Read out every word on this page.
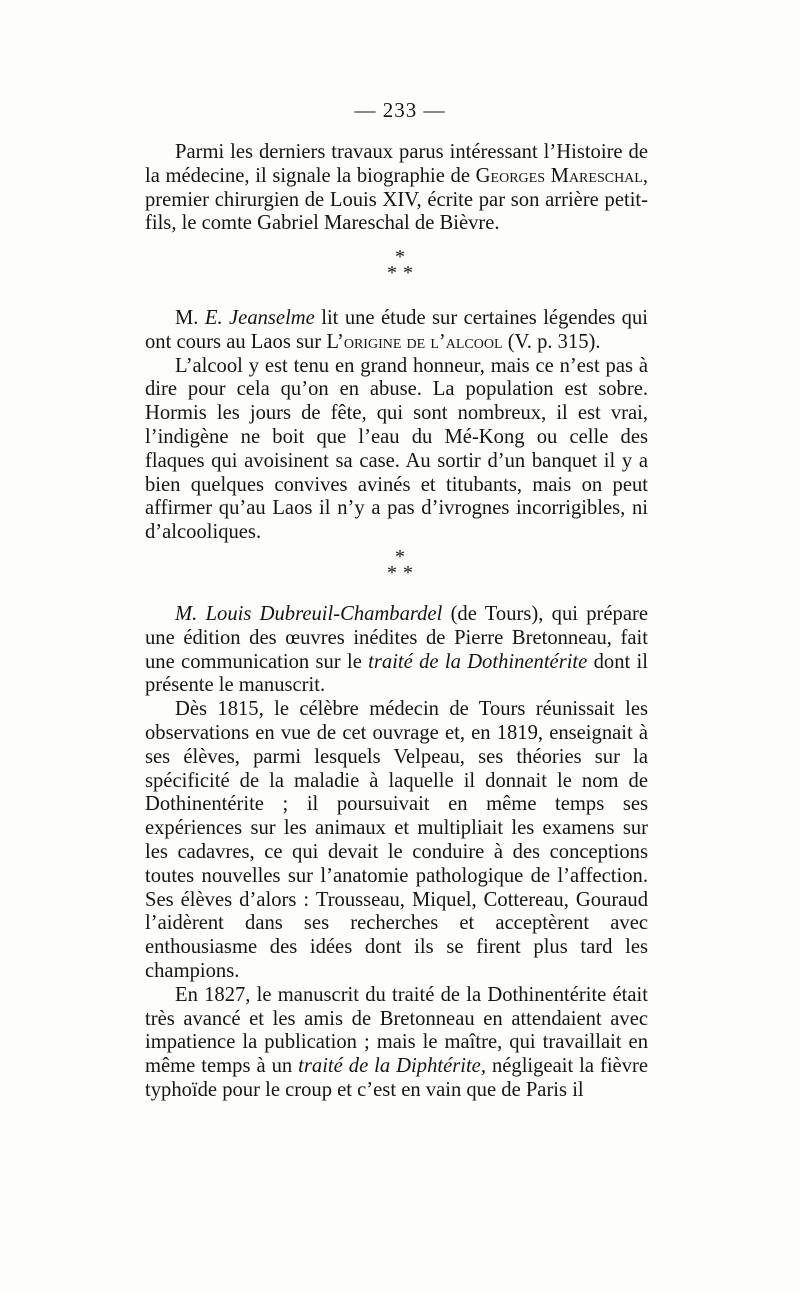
— 233 —

Parmi les derniers travaux parus intéressant l’Histoire de la médecine, il signale la biographie de Georges Mareschal, premier chirurgien de Louis XIV, écrite par son arrière petit-fils, le comte Gabriel Mareschal de Bièvre.

*
**

M. E. Jeanselme lit une étude sur certaines légendes qui ont cours au Laos sur L’origine de l’alcool (V. p. 315).

L’alcool y est tenu en grand honneur, mais ce n’est pas à dire pour cela qu’on en abuse. La population est sobre. Hormis les jours de fête, qui sont nombreux, il est vrai, l’indigène ne boit que l’eau du Mé-Kong ou celle des flaques qui avoisinent sa case. Au sortir d’un banquet il y a bien quelques convives avinés et titubants, mais on peut affirmer qu’au Laos il n’y a pas d’ivrognes incorrigibles, ni d’alcooliques.

*
**

M. Louis Dubreuil-Chambardel (de Tours), qui prépare une édition des œuvres inédites de Pierre Bretonneau, fait une communication sur le traité de la Dothinentérite dont il présente le manuscrit.

Dès 1815, le célèbre médecin de Tours réunissait les observations en vue de cet ouvrage et, en 1819, enseignait à ses élèves, parmi lesquels Velpeau, ses théories sur la spécificité de la maladie à laquelle il donnait le nom de Dothinentérite ; il poursuivait en même temps ses expériences sur les animaux et multipliait les examens sur les cadavres, ce qui devait le conduire à des conceptions toutes nouvelles sur l’anatomie pathologique de l’affection. Ses élèves d’alors : Trousseau, Miquel, Cottereau, Gouraud l’aidèrent dans ses recherches et acceptèrent avec enthousiasme des idées dont ils se firent plus tard les champions.

En 1827, le manuscrit du traité de la Dothinentérite était très avancé et les amis de Bretonneau en attendaient avec impatience la publication ; mais le maître, qui travaillait en même temps à un traité de la Diphtérite, négligeait la fièvre typhoïde pour le croup et c’est en vain que de Paris il
